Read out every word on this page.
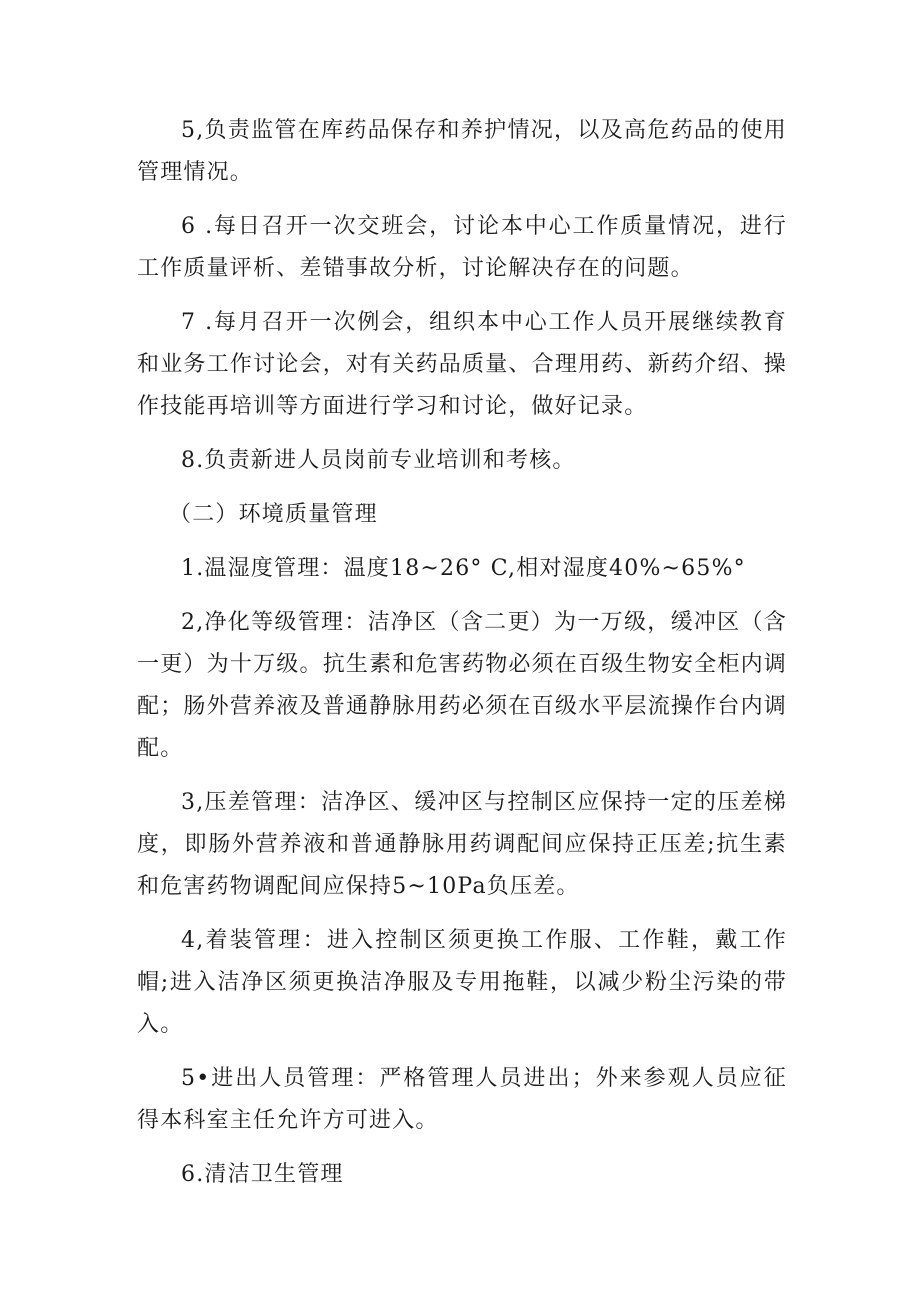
5,负责监管在库药品保存和养护情况，以及高危药品的使用管理情况。

6 .每日召开一次交班会，讨论本中心工作质量情况，进行工作质量评析、差错事故分析，讨论解决存在的问题。

7 .每月召开一次例会，组织本中心工作人员开展继续教育和业务工作讨论会，对有关药品质量、合理用药、新药介绍、操作技能再培训等方面进行学习和讨论，做好记录。

8.负责新进人员岗前专业培训和考核。

（二）环境质量管理

1.温湿度管理：温度18~26° C,相对湿度40%~65%°

2,净化等级管理：洁净区（含二更）为一万级，缓冲区（含一更）为十万级。抗生素和危害药物必须在百级生物安全柜内调配；肠外营养液及普通静脉用药必须在百级水平层流操作台内调配。

3,压差管理：洁净区、缓冲区与控制区应保持一定的压差梯度，即肠外营养液和普通静脉用药调配间应保持正压差;抗生素和危害药物调配间应保持5~10Pa负压差。

4,着装管理：进入控制区须更换工作服、工作鞋，戴工作帽;进入洁净区须更换洁净服及专用拖鞋，以减少粉尘污染的带入。

5•进出人员管理：严格管理人员进出；外来参观人员应征得本科室主任允许方可进入。

6.清洁卫生管理
